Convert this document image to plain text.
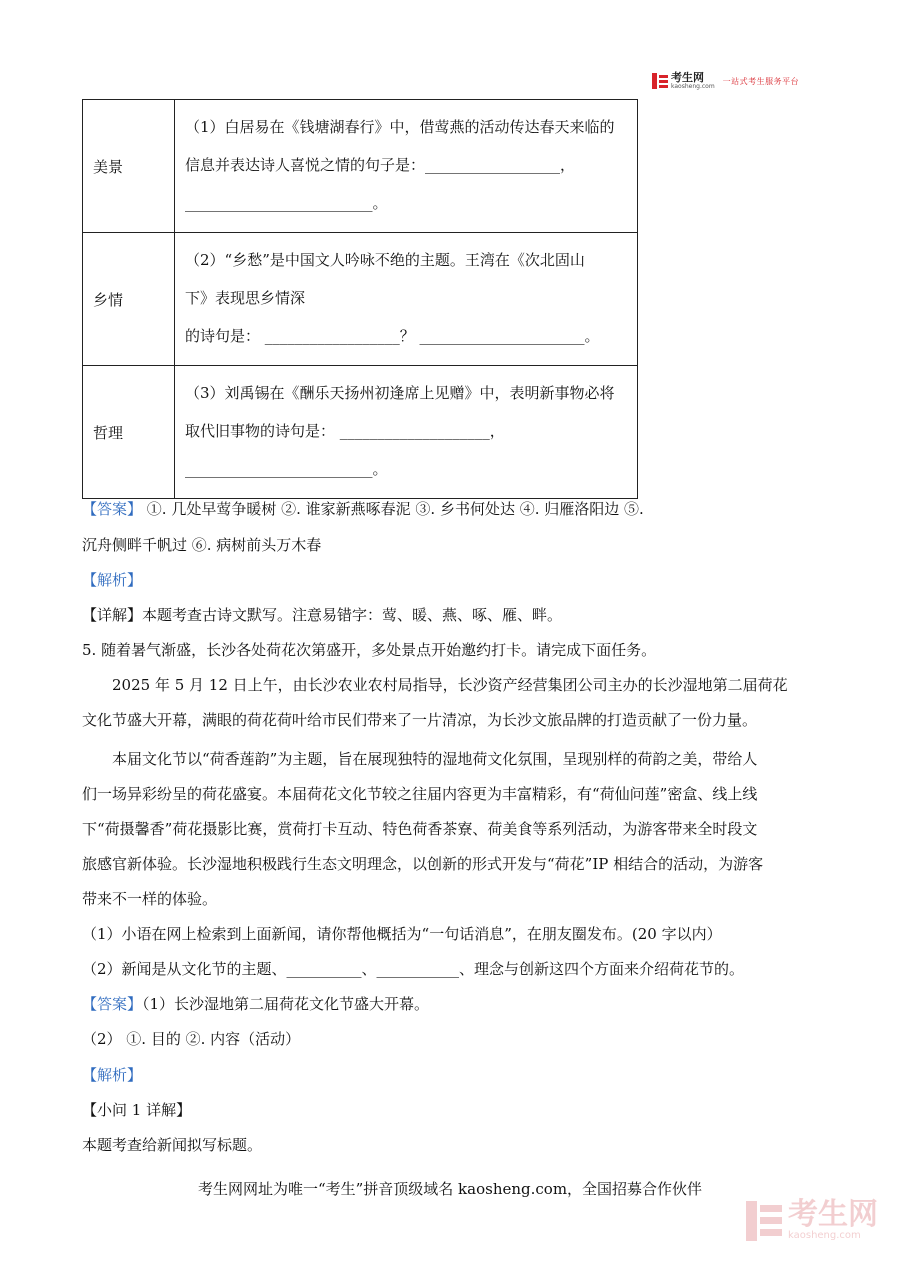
考生网
kaosheng.com
一站式考生服务平台
美景	（1）白居易在《钱塘湖春行》中，借莺燕的活动传达春天来临的
信息并表达诗人喜悦之情的句子是：__________________，
_________________________。

乡情	（2）“乡愁”是中国文人吟咏不绝的主题。王湾在《次北固山
下》表现思乡情深
的诗句是： __________________？ ______________________。

哲理	（3）刘禹锡在《酬乐天扬州初逢席上见赠》中，表明新事物必将
取代旧事物的诗句是： ____________________，
_________________________。
【答案】 ①. 几处早莺争暖树 ②. 谁家新燕啄春泥 ③. 乡书何处达 ④. 归雁洛阳边 ⑤.
沉舟侧畔千帆过 ⑥. 病树前头万木春
【解析】
【详解】本题考查古诗文默写。注意易错字：莺、暖、燕、啄、雁、畔。
5. 随着暑气渐盛，长沙各处荷花次第盛开，多处景点开始邀约打卡。请完成下面任务。
2025 年 5 月 12 日上午，由长沙农业农村局指导，长沙资产经营集团公司主办的长沙湿地第二届荷花
文化节盛大开幕，满眼的荷花荷叶给市民们带来了一片清凉，为长沙文旅品牌的打造贡献了一份力量。
本届文化节以“荷香莲韵”为主题，旨在展现独特的湿地荷文化氛围，呈现别样的荷韵之美，带给人
们一场异彩纷呈的荷花盛宴。本届荷花文化节较之往届内容更为丰富精彩，有“荷仙问莲”密盒、线上线
下“荷摄馨香”荷花摄影比赛，赏荷打卡互动、特色荷香茶寮、荷美食等系列活动，为游客带来全时段文
旅感官新体验。长沙湿地积极践行生态文明理念，以创新的形式开发与“荷花”IP 相结合的活动，为游客
带来不一样的体验。
（1）小语在网上检索到上面新闻，请你帮他概括为“一句话消息”，在朋友圈发布。(20 字以内）
（2）新闻是从文化节的主题、__________、___________、理念与创新这四个方面来介绍荷花节的。
【答案】（1）长沙湿地第二届荷花文化节盛大开幕。
（2） ①. 目的 ②. 内容（活动）
【解析】
【小问 1 详解】
本题考查给新闻拟写标题。
考生网网址为唯一“考生”拼音顶级域名 kaosheng.com，全国招募合作伙伴
考生网
kaosheng.com
